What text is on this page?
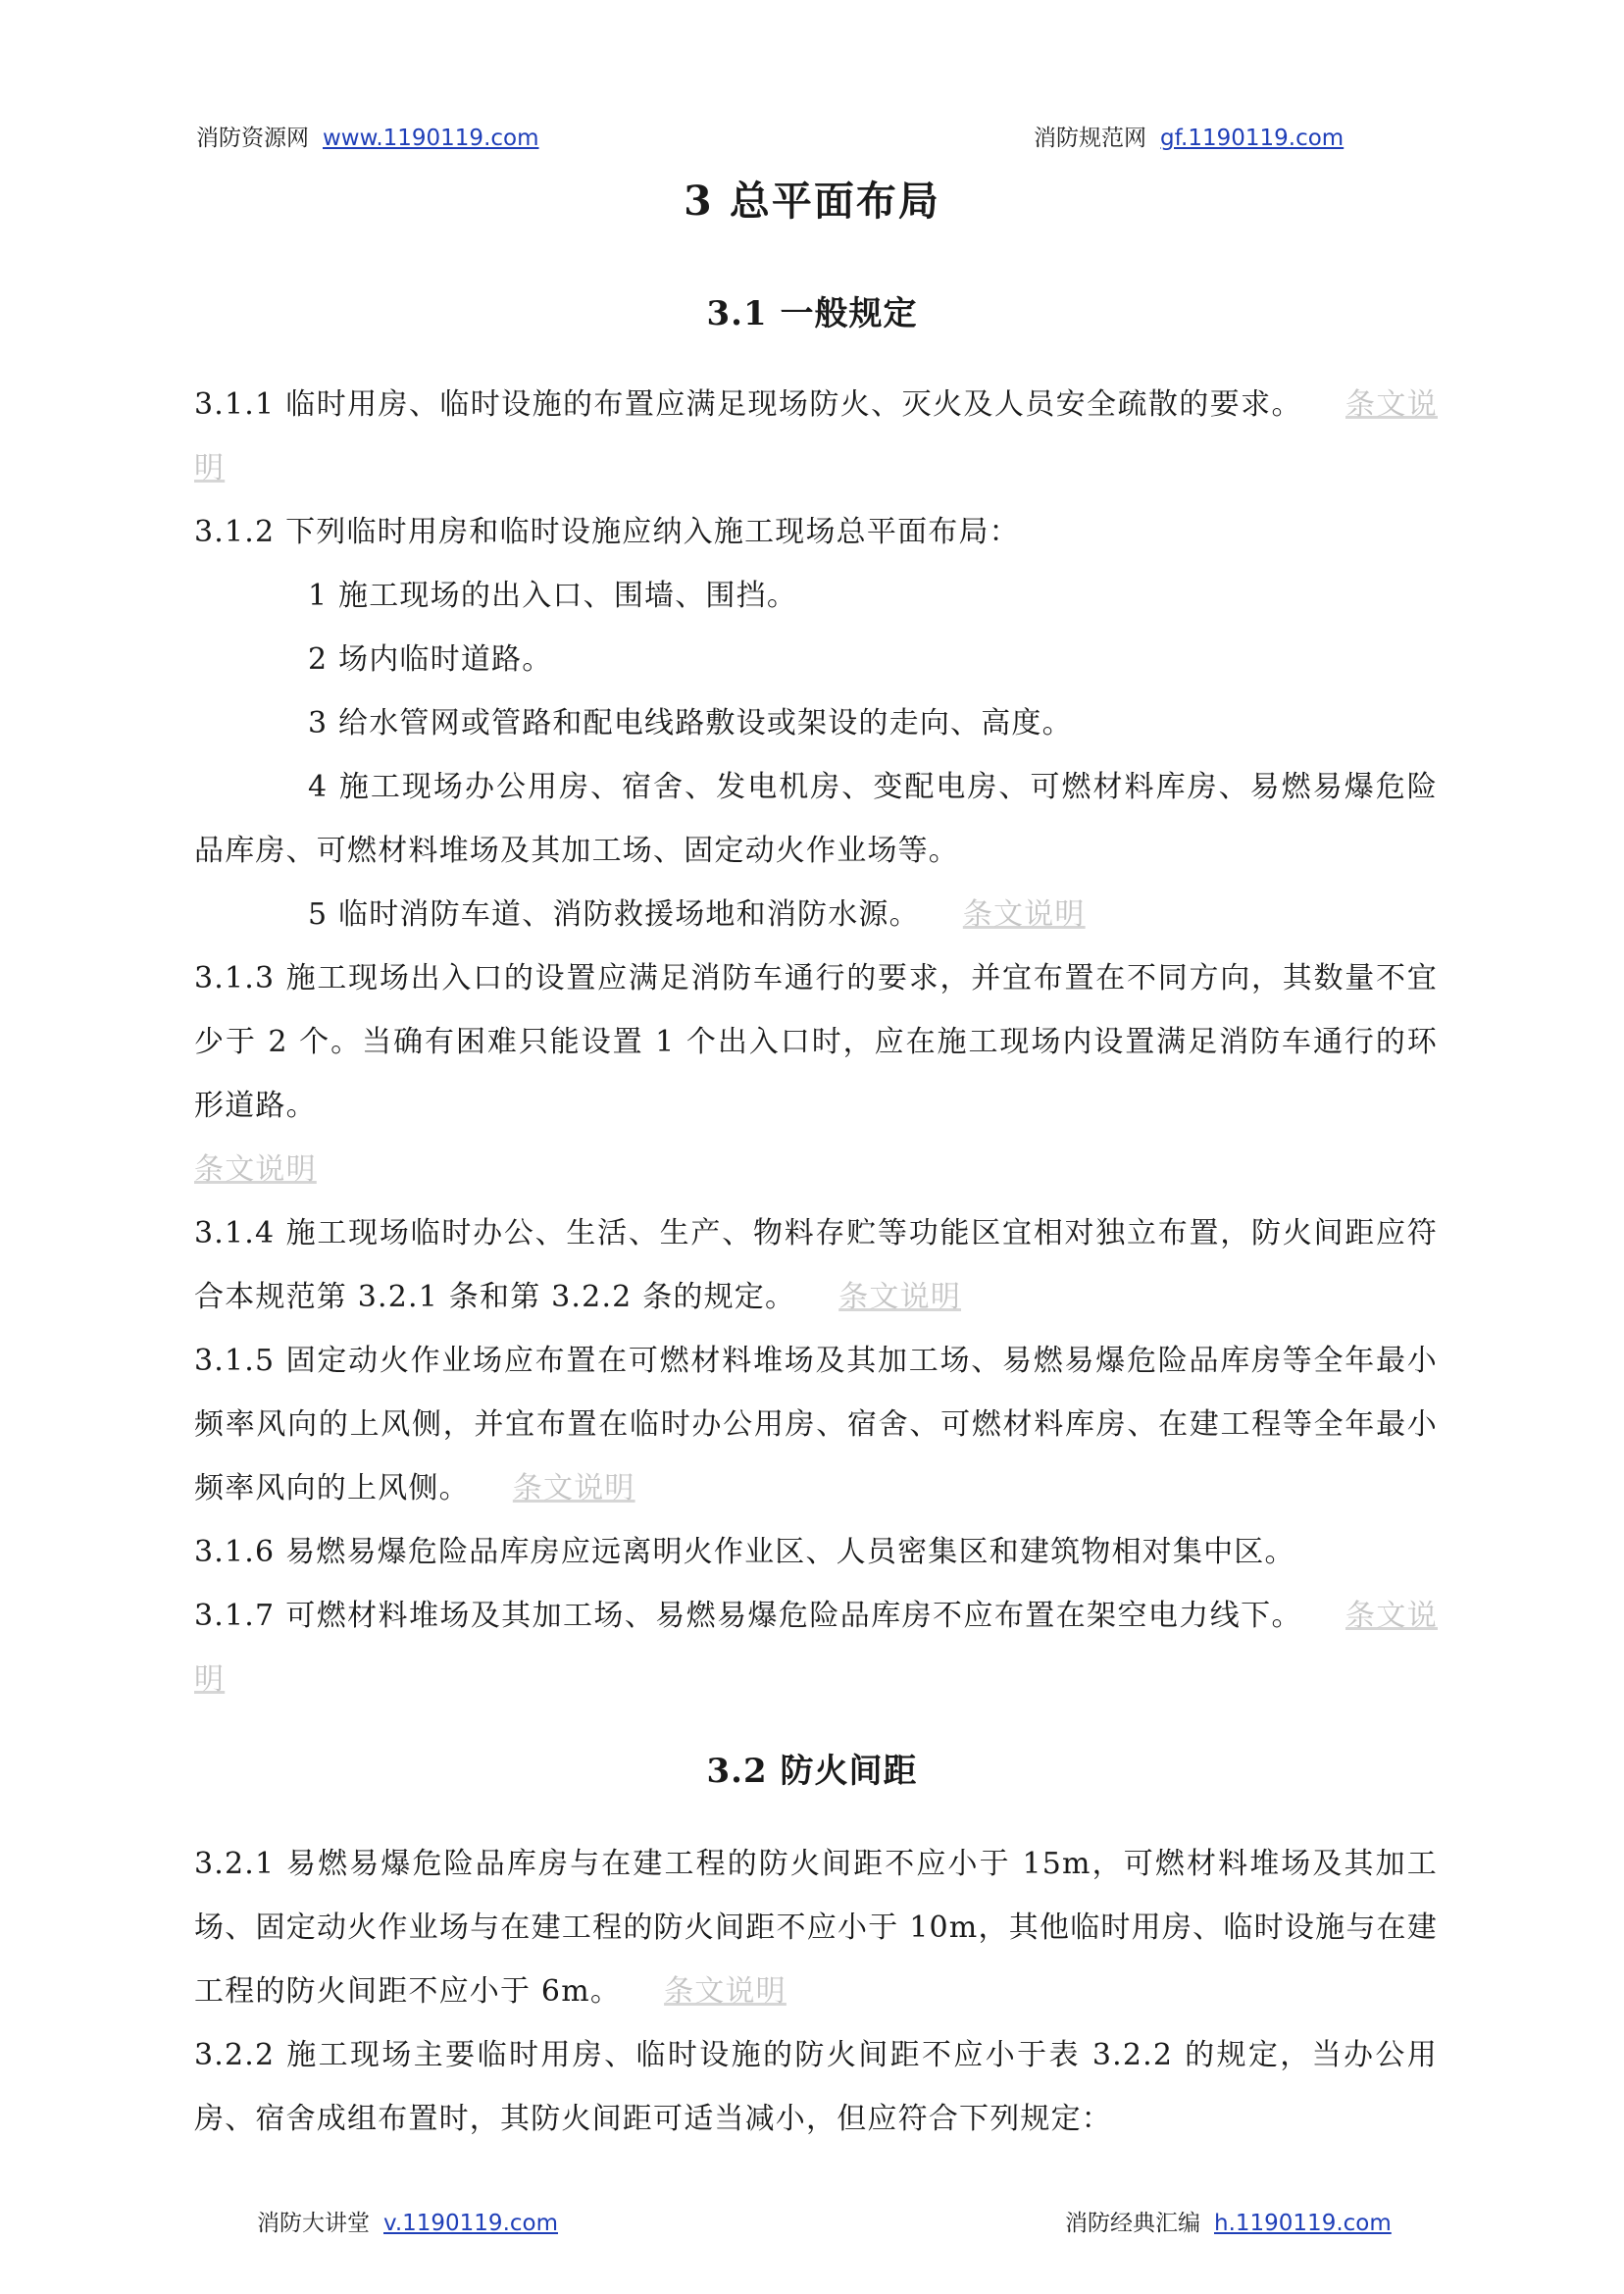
消防资源网 www.1190119.com	消防规范网 gf.1190119.com
3 总平面布局
3.1 一般规定

3.1.1 临时用房、临时设施的布置应满足现场防火、灭火及人员安全疏散的要求。 条文说明

3.1.2 下列临时用房和临时设施应纳入施工现场总平面布局：

1 施工现场的出入口、围墙、围挡。

2 场内临时道路。

3 给水管网或管路和配电线路敷设或架设的走向、高度。

4 施工现场办公用房、宿舍、发电机房、变配电房、可燃材料库房、易燃易爆危险品库房、可燃材料堆场及其加工场、固定动火作业场等。

5 临时消防车道、消防救援场地和消防水源。 条文说明

3.1.3 施工现场出入口的设置应满足消防车通行的要求，并宜布置在不同方向，其数量不宜少于 2 个。当确有困难只能设置 1 个出入口时，应在施工现场内设置满足消防车通行的环形道路。

条文说明

3.1.4 施工现场临时办公、生活、生产、物料存贮等功能区宜相对独立布置，防火间距应符合本规范第 3.2.1 条和第 3.2.2 条的规定。 条文说明

3.1.5 固定动火作业场应布置在可燃材料堆场及其加工场、易燃易爆危险品库房等全年最小频率风向的上风侧，并宜布置在临时办公用房、宿舍、可燃材料库房、在建工程等全年最小频率风向的上风侧。 条文说明

3.1.6 易燃易爆危险品库房应远离明火作业区、人员密集区和建筑物相对集中区。

3.1.7 可燃材料堆场及其加工场、易燃易爆危险品库房不应布置在架空电力线下。 条文说明

3.2 防火间距

3.2.1 易燃易爆危险品库房与在建工程的防火间距不应小于 15m，可燃材料堆场及其加工场、固定动火作业场与在建工程的防火间距不应小于 10m，其他临时用房、临时设施与在建工程的防火间距不应小于 6m。 条文说明

3.2.2 施工现场主要临时用房、临时设施的防火间距不应小于表 3.2.2 的规定，当办公用房、宿舍成组布置时，其防火间距可适当减小，但应符合下列规定：

消防大讲堂 v.1190119.com	消防经典汇编 h.1190119.com
